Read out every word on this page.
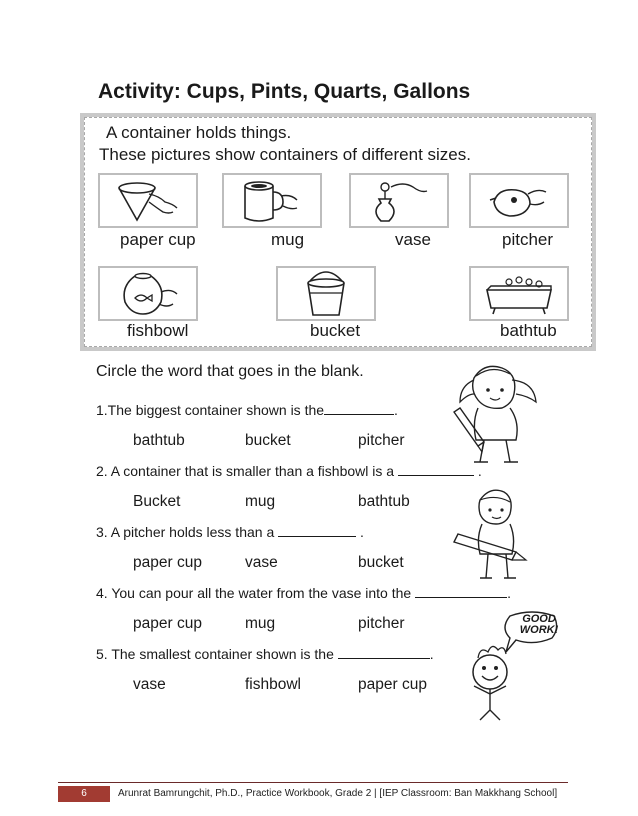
Activity: Cups, Pints, Quarts, Gallons
A container holds things.
These pictures show containers of different sizes.
paper cup	mug	vase	pitcher
fishbowl	bucket	bathtub
Circle the word that goes in the blank.
1.The biggest container shown is the	.
bathtub	bucket	pitcher
2. A container that is smaller than a fishbowl is a	.
Bucket	mug	bathtub
3. A pitcher holds less than a	.
paper cup	vase	bucket
4. You can pour all the water from the vase into the	.
paper cup	mug	pitcher
5. The smallest container shown is the	.
vase	fishbowl	paper cup
GOOD
WORK!
6	Arunrat Bamrungchit, Ph.D., Practice Workbook, Grade 2 | [IEP Classroom: Ban Makkhang School]
